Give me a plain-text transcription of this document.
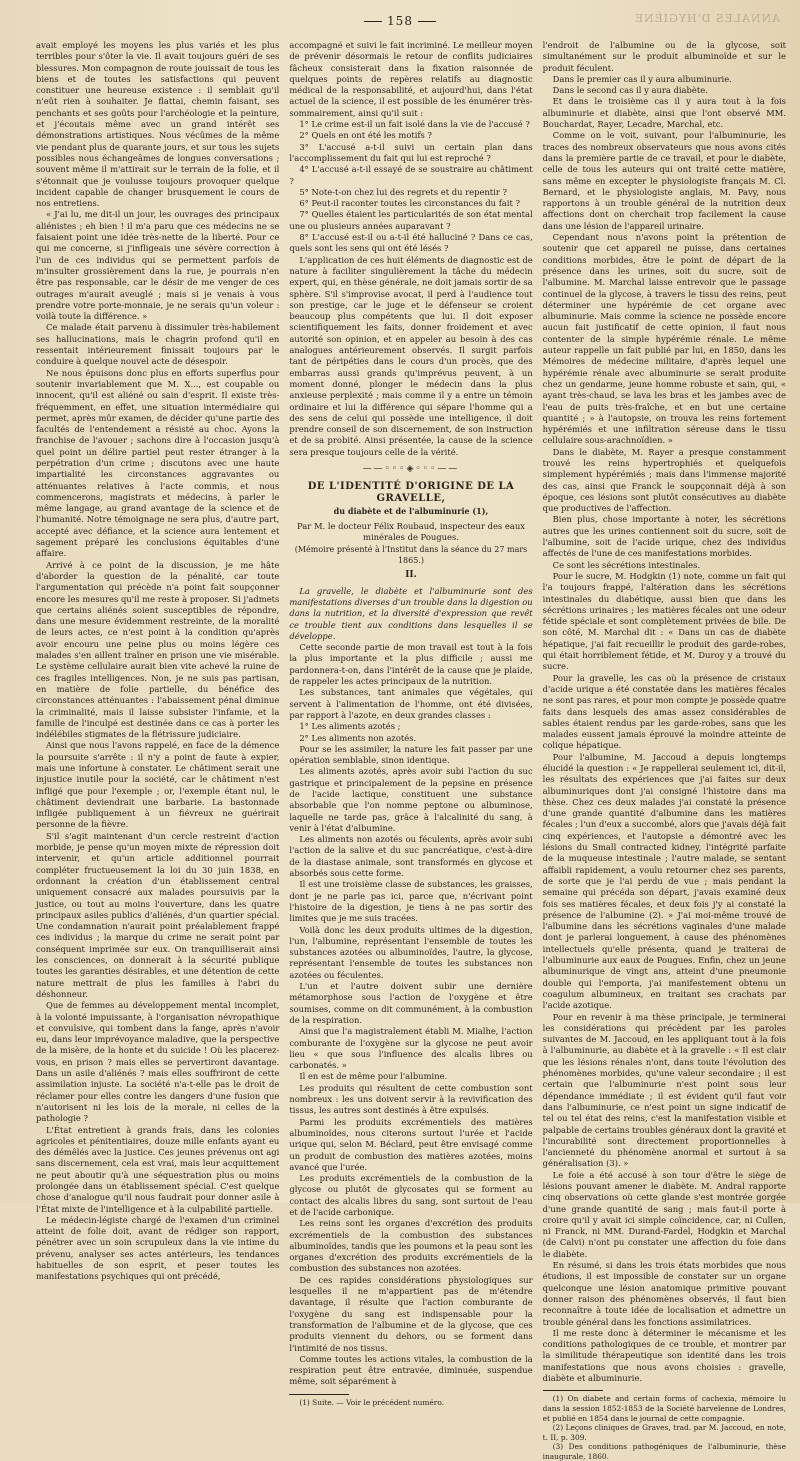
158	ANNALES D'HYGIÈNE

avait employé les moyens les plus variés et les plus terribles pour s'ôter la vie. Il avait toujours guéri de ses blessures. Mon compagnon de route jouissait de tous les biens et de toutes les satisfactions qui peuvent constituer une heureuse existence : il semblait qu'il n'eût rien à souhaiter. Je flattai, chemin faisant, ses penchants et ses goûts pour l'archéologie et la peinture, et j'écoutais même avec un grand intérêt ses démonstrations artistiques. Nous vécûmes de la même vie pendant plus de quarante jours, et sur tous les sujets possibles nous échangeâmes de longues conversations ; souvent même il m'attirait sur le terrain de la folie, et il s'étonnait que je voulusse toujours provoquer quelque incident capable de changer brusquement le cours de nos entretiens.

« J'ai lu, me dit-il un jour, les ouvrages des principaux aliénistes ; eh bien ! il m'a paru que ces médecins ne se faisaient point une idée très-nette de la liberté. Pour ce qui me concerne, si j'infligeais une sévère correction à l'un de ces individus qui se permettent parfois de m'insulter grossièrement dans la rue, je pourrais n'en être pas responsable, car le désir de me venger de ces outrages m'aurait aveuglé ; mais si je venais à vous prendre votre porte-monnaie, je ne serais qu'un voleur : voilà toute la différence. »

Ce malade était parvenu à dissimuler très-habilement ses hallucinations, mais le chagrin profond qu'il en ressentait intérieurement finissait toujours par le conduire à quelque nouvel acte de désespoir.

Ne nous épuisons donc plus en efforts superflus pour soutenir invariablement que M. X..., est coupable ou innocent, qu'il est aliéné ou sain d'esprit. Il existe très-fréquemment, en effet, une situation intermédiaire qui permet, après mûr examen, de décider qu'une partie des facultés de l'entendement a résisté au choc. Ayons la franchise de l'avouer ; sachons dire à l'occasion jusqu'à quel point un délire partiel peut rester étranger à la perpétration d'un crime ; discutons avec une haute impartialité les circonstances aggravantes ou atténuantes relatives à l'acte commis, et nous commencerons, magistrats et médecins, à parler le même langage, au grand avantage de la science et de l'humanité. Notre témoignage ne sera plus, d'autre part, accepté avec défiance, et la science aura lentement et sagement préparé les conclusions équitables d'une affaire.

Arrivé à ce point de la discussion, je me hâte d'aborder la question de la pénalité, car toute l'argumentation qui précède n'a point fait soupçonner encore les mesures qu'il me reste à proposer. Si j'admets que certains aliénés soient susceptibles de répondre, dans une mesure évidemment restreinte, de la moralité de leurs actes, ce n'est point à la condition qu'après avoir encouru une peine plus ou moins légère ces malades s'en aillent traîner en prison une vie misérable. Le système cellulaire aurait bien vite achevé la ruine de ces fragiles intelligences. Non, je ne suis pas partisan, en matière de folie partielle, du bénéfice des circonstances atténuantes : l'abaissement pénal diminue la criminalité, mais il laisse subsister l'infamie, et la famille de l'inculpé est destinée dans ce cas à porter les indélébiles stigmates de la flétrissure judiciaire.

Ainsi que nous l'avons rappelé, en face de la démence la poursuite s'arrête : il n'y a point de faute à expier, mais une infortune à constater. Le châtiment serait une injustice inutile pour la société, car le châtiment n'est infligé que pour l'exemple ; or, l'exemple étant nul, le châtiment deviendrait une barbarie. La bastonnade infligée publiquement à un fiévreux ne guérirait personne de la fièvre.

S'il s'agit maintenant d'un cercle restreint d'action morbide, je pense qu'un moyen mixte de répression doit intervenir, et qu'un article additionnel pourrait compléter fructueusement la loi du 30 juin 1838, en ordonnant la création d'un établissement central uniquement consacré aux malades poursuivis par la justice, ou tout au moins l'ouverture, dans les quatre principaux asiles publics d'aliénés, d'un quartier spécial. Une condamnation n'aurait point préalablement frappé ces individus ; la marque du crime ne serait point par conséquent imprimée sur eux. On tranquilliserait ainsi les consciences, on donnerait à la sécurité publique toutes les garanties désirables, et une détention de cette nature mettrait de plus les familles à l'abri du déshonneur.

Que de femmes au développement mental incomplet, à la volonté impuissante, à l'organisation névropathique et convulsive, qui tombent dans la fange, après n'avoir eu, dans leur imprévoyance maladive, que la perspective de la misère, de la honte et du suicide ! Où les placerez-vous, en prison ? mais elles se pervertiront davantage. Dans un asile d'aliénés ? mais elles souffriront de cette assimilation injuste. La société n'a-t-elle pas le droit de réclamer pour elles contre les dangers d'une fusion que n'autorisent ni les lois de la morale, ni celles de la pathologie ?

L'État entretient à grands frais, dans les colonies agricoles et pénitentiaires, douze mille enfants ayant eu des démêlés avec la justice. Ces jeunes prévenus ont agi sans discernement, cela est vrai, mais leur acquittement ne peut aboutir qu'à une séquestration plus ou moins prolongée dans un établissement spécial. C'est quelque chose d'analogue qu'il nous faudrait pour donner asile à l'État mixte de l'intelligence et à la culpabilité partielle.

Le médecin-légiste chargé de l'examen d'un criminel atteint de folie doit, avant de rédiger son rapport, pénétrer avec un soin scrupuleux dans la vie intime du prévenu, analyser ses actes antérieurs, les tendances habituelles de son esprit, et peser toutes les manifestations psychiques qui ont précédé,

accompagné et suivi le fait incriminé. Le meilleur moyen de prévenir désormais le retour de conflits judiciaires fâcheux consisterait dans la fixation raisonnée de quelques points de repères relatifs au diagnostic médical de la responsabilité, et aujourd'hui, dans l'état actuel de la science, il est possible de les énumérer très-sommairement, ainsi qu'il suit :

1° Le crime est-il un fait isolé dans la vie de l'accusé ?

2° Quels en ont été les motifs ?

3° L'accusé a-t-il suivi un certain plan dans l'accomplissement du fait qui lui est reproché ?

4° L'accusé a-t-il essayé de se soustraire au châtiment ?

5° Note-t-on chez lui des regrets et du repentir ?

6° Peut-il raconter toutes les circonstances du fait ?

7° Quelles étaient les particularités de son état mental une ou plusieurs années auparavant ?

8° L'accusé est-il ou a-t-il été halluciné ? Dans ce cas, quels sont les sens qui ont été lésés ?

L'application de ces huit éléments de diagnostic est de nature à faciliter singulièrement la tâche du médecin expert, qui, en thèse générale, ne doit jamais sortir de sa sphère. S'il s'improvise avocat, il perd à l'audience tout son prestige, car le juge et le défenseur se croient beaucoup plus compétents que lui. Il doit exposer scientifiquement les faits, donner froidement et avec autorité son opinion, et en appeler au besoin à des cas analogues antérieurement observés. Il surgit parfois tant de péripéties dans le cours d'un procès, que des embarras aussi grands qu'imprévus peuvent, à un moment donné, plonger le médecin dans la plus anxieuse perplexité ; mais comme il y a entre un témoin ordinaire et lui la différence qui sépare l'homme qui a des sens de celui qui possède une intelligence, il doit prendre conseil de son discernement, de son instruction et de sa probité. Ainsi présentée, la cause de la science sera presque toujours celle de la vérité.

——◦◦◦◈◦◦◦——
DE L'IDENTITÉ D'ORIGINE DE LA GRAVELLE,
du diabète et de l'albuminurie (1),

Par M. le docteur Félix Roubaud, inspecteur des eaux minérales de Pougues.

(Mémoire présenté à l'Institut dans la séance du 27 mars 1865.)

II.

La gravelle, le diabète et l'albuminurie sont des manifestations diverses d'un trouble dans la digestion ou dans la nutrition, et la diversité d'expression que revêt ce trouble tient aux conditions dans lesquelles il se développe.

Cette seconde partie de mon travail est tout à la fois la plus importante et la plus difficile ; aussi me pardonnera-t-on, dans l'intérêt de la cause que je plaide, de rappeler les actes principaux de la nutrition.

Les substances, tant animales que végétales, qui servent à l'alimentation de l'homme, ont été divisées, par rapport à l'azote, en deux grandes classes :

1° Les aliments azotés ;

2° Les aliments non azotés.

Pour se les assimiler, la nature les fait passer par une opération semblable, sinon identique.

Les aliments azotés, après avoir subi l'action du suc gastrique et principalement de la pepsine en présence de l'acide lactique, constituent une substance absorbable que l'on nomme peptone ou albuminose, laquelle ne tarde pas, grâce à l'alcalinité du sang, à venir à l'état d'albumine.

Les aliments non azotés ou féculents, après avoir subi l'action de la salive et du suc pancréatique, c'est-à-dire de la diastase animale, sont transformés en glycose et absorbés sous cette forme.

Il est une troisième classe de substances, les graisses, dont je ne parle pas ici, parce que, n'écrivant point l'histoire de la digestion, je tiens à ne pas sortir des limites que je me suis tracées.

Voilà donc les deux produits ultimes de la digestion, l'un, l'albumine, représentant l'ensemble de toutes les substances azotées ou albuminoïdes, l'autre, la glycose, représentant l'ensemble de toutes les substances non azotées ou féculentes.

L'un et l'autre doivent subir une dernière métamorphose sous l'action de l'oxygène et être soumises, comme on dit communément, à la combustion de la respiration.

Ainsi que l'a magistralement établi M. Mialhe, l'action comburante de l'oxygène sur la glycose ne peut avoir lieu « que sous l'influence des alcalis libres ou carbonatés. »

Il en est de même pour l'albumine.

Les produits qui résultent de cette combustion sont nombreux : les uns doivent servir à la revivification des tissus, les autres sont destinés à être expulsés.

Parmi les produits excrémentiels des matières albuminoïdes, nous citerons surtout l'urée et l'acide urique qui, selon M. Béclard, peut être envisagé comme un produit de combustion des matières azotées, moins avancé que l'urée.

Les produits excrémentiels de la combustion de la glycose ou plutôt de glycosates qui se forment au contact des alcalis libres du sang, sont surtout de l'eau et de l'acide carbonique.

Les reins sont les organes d'excrétion des produits excrémentiels de la combustion des substances albuminoïdes, tandis que les poumons et la peau sont les organes d'excrétion des produits excrémentiels de la combustion des substances non azotées.

De ces rapides considérations physiologiques sur lesquelles il ne m'appartient pas de m'étendre davantage, il résulte que l'action comburante de l'oxygène du sang est indispensable pour la transformation de l'albumine et de la glycose, que ces produits viennent du dehors, ou se forment dans l'intimité de nos tissus.

Comme toutes les actions vitales, la combustion de la respiration peut être entravée, diminuée, suspendue même, soit séparément à

(1) Suite. — Voir le précédent numéro.

l'endroit de l'albumine ou de la glycose, soit simultanément sur le produit albuminoïde et sur le produit féculent.

Dans le premier cas il y aura albuminurie.

Dans le second cas il y aura diabète.

Et dans le troisième cas il y aura tout à la fois albuminurie et diabète, ainsi que l'ont observé MM. Bouchardat, Rayer, Lecadre, Marchal, etc.

Comme on le voit, suivant, pour l'albuminurie, les traces des nombreux observateurs que nous avons cités dans la première partie de ce travail, et pour le diabète, celle de tous les auteurs qui ont traité cette matière, sans même en excepter le physiologiste français M. Cl. Bernard, et le physiologiste anglais, M. Pavy, nous rapportons à un trouble général de la nutrition deux affections dont on cherchait trop facilement la cause dans une lésion de l'appareil urinaire.

Cependant nous n'avons point la prétention de soutenir que cet appareil ne puisse, dans certaines conditions morbides, être le point de départ de la présence dans les urines, soit du sucre, soit de l'albumine. M. Marchal laisse entrevoir que le passage continuel de la glycose, à travers le tissu des reins, peut déterminer une hypérémie de cet organe avec albuminurie. Mais comme la science ne possède encore aucun fait justificatif de cette opinion, il faut nous contenter de la simple hypérémie rénale. Le même auteur rappelle un fait publié par lui, en 1850, dans les Mémoires de médecine militaire, d'après lequel une hypérémie rénale avec albuminurie se serait produite chez un gendarme, jeune homme robuste et sain, qui, « ayant très-chaud, se lava les bras et les jambes avec de l'eau de puits très-fraîche, et en but une certaine quantité ; » à l'autopsie, on trouva les reins fortement hypérémiés et une infiltration séreuse dans le tissu cellulaire sous-arachnoïdien. »

Dans le diabète, M. Rayer a presque constamment trouvé les reins hypertrophiés et quelquefois simplement hypérémiés ; mais dans l'immense majorité des cas, ainsi que Franck le soupçonnait déjà à son époque, ces lésions sont plutôt consécutives au diabète que productives de l'affection.

Bien plus, chose importante à noter, les sécrétions autres que les urines contiennent soit du sucre, soit de l'albumine, soit de l'acide urique, chez des individus affectés de l'une de ces manifestations morbides.

Ce sont les sécrétions intestinales.

Pour le sucre, M. Hodgkin (1) note, comme un fait qui l'a toujours frappé, l'altération dans les sécrétions intestinales du diabétique, aussi bien que dans les sécrétions urinaires ; les matières fécales ont une odeur fétide spéciale et sont complètement privées de bile. De son côté, M. Marchal dit : « Dans un cas de diabète hépatique, j'ai fait recueillir le produit des garde-robes, qui était horriblement fétide, et M. Duroy y a trouvé du sucre.

Pour la gravelle, les cas où la présence de cristaux d'acide urique a été constatée dans les matières fécales ne sont pas rares, et pour mon compte je possède quatre faits dans lesquels des amas assez considérables de sables étaient rendus par les garde-robes, sans que les malades eussent jamais éprouvé la moindre atteinte de colique hépatique.

Pour l'albumine, M. Jaccoud a depuis longtemps élucidé la question : « Je rappellerai seulement ici, dit-il, les résultats des expériences que j'ai faites sur deux albuminuriques dont j'ai consigné l'histoire dans ma thèse. Chez ces deux malades j'ai constaté la présence d'une grande quantité d'albumine dans les matières fécales ; l'un d'eux a succombé, alors que j'avais déjà fait cinq expériences, et l'autopsie a démontré avec les lésions du Small contracted kidney, l'intégrité parfaite de la muqueuse intestinale ; l'autre malade, se sentant affaibli rapidement, a voulu retourner chez ses parents, de sorte que je l'ai perdu de vue ; mais pendant la semaine qui précéda son départ, j'avais examiné deux fois ses matières fécales, et deux fois j'y ai constaté la présence de l'albumine (2). » J'ai moi-même trouvé de l'albumine dans les sécrétions vaginales d'une malade dont je parlerai longuement, à cause des phénomènes intellectuels qu'elle présenta, quand je traiterai de l'albuminurie aux eaux de Pougues. Enfin, chez un jeune albuminurique de vingt ans, atteint d'une pneumonie double qui l'emporta, j'ai manifestement obtenu un coagulum albumineux, en traitant ses crachats par l'acide azotique.

Pour en revenir à ma thèse principale, je terminerai les considérations qui précèdent par les paroles suivantes de M. Jaccoud, en les appliquant tout à la fois à l'albuminurie, au diabète et à la gravelle : « Il est clair que les lésions rénales n'ont, dans toute l'évolution des phénomènes morbides, qu'une valeur secondaire ; il est certain que l'albuminurie n'est point sous leur dépendance immédiate ; il est évident qu'il faut voir dans l'albuminurie, ce n'est point un signe indicatif de tel ou tel état des reins, c'est la manifestation visible et palpable de certains troubles généraux dont la gravité et l'incurabilité sont directement proportionnelles à l'ancienneté du phénomène anormal et surtout à sa généralisation (3). »

Le foie a été accusé à son tour d'être le siège de lésions pouvant amener le diabète. M. Andral rapporte cinq observations où cette glande s'est montrée gorgée d'une grande quantité de sang ; mais faut-il porte à croire qu'il y avait ici simple coïncidence, car, ni Cullen, ni Franck, ni MM. Durand-Fardel, Hodgkin et Marchal (de Calvi) n'ont pu constater une affection du foie dans le diabète.

En résumé, si dans les trois états morbides que nous étudions, il est impossible de constater sur un organe quelconque une lésion anatomique primitive pouvant donner raison des phénomènes observés, il faut bien reconnaître à toute idée de localisation et admettre un trouble général dans les fonctions assimilatrices.

Il me reste donc à déterminer le mécanisme et les conditions pathologiques de ce trouble, et montrer par la similitude thérapeutique son identité dans les trois manifestations que nous avons choisies : gravelle, diabète et albuminurie.

(1) On diabete and certain forms of cachexia, mémoire lu dans la session 1852-1853 de la Société harveïenne de Londres, et publié en 1854 dans le journal de cette compagnie.

(2) Leçons cliniques de Graves, trad. par M. Jaccoud, en note, t. II, p. 309.

(3) Des conditions pathogéniques de l'albuminurie, thèse inaugurale, 1860.
